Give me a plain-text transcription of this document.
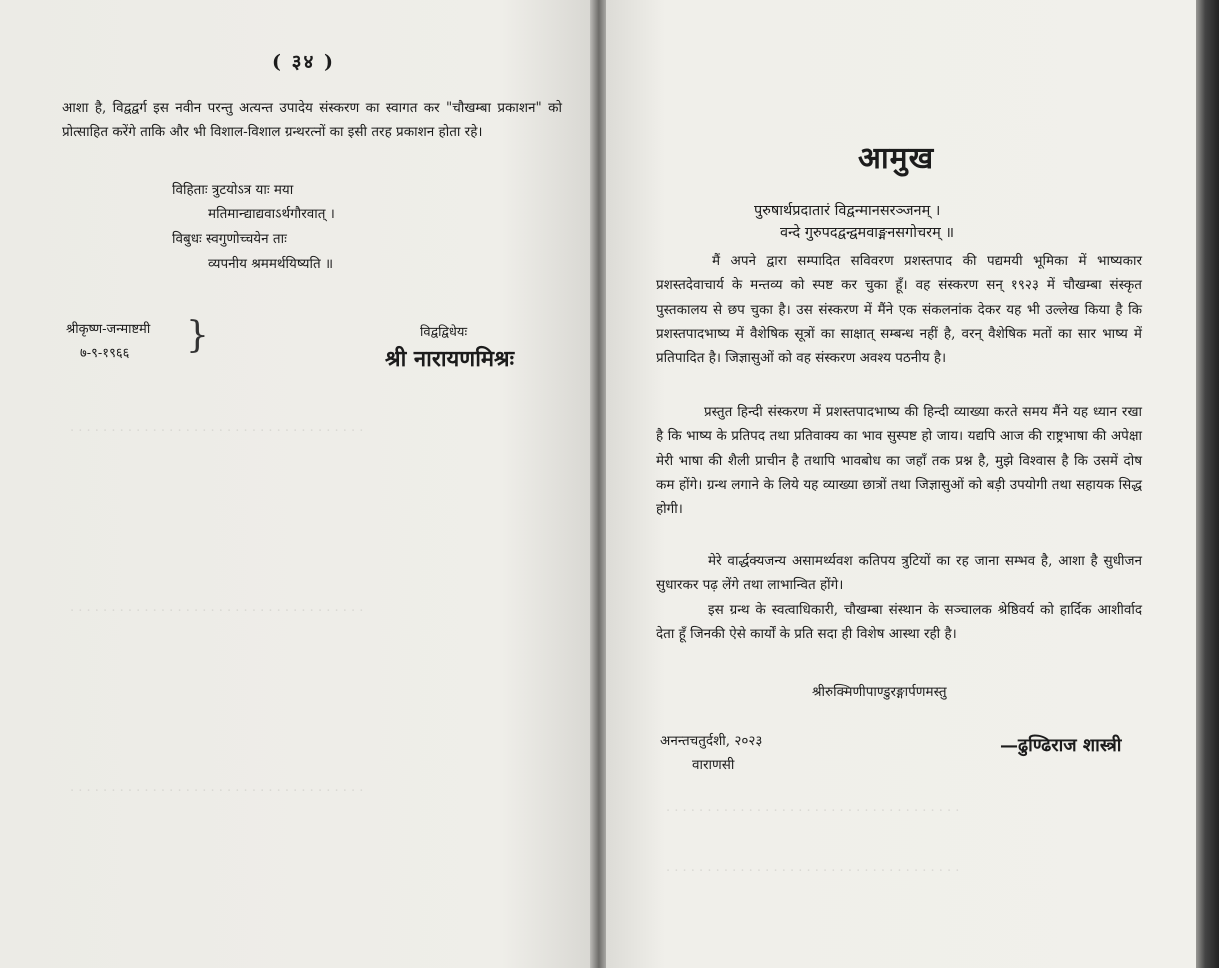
. . . . . . . . . . . . . . . . . . . . . . . . . . . . . . . . . . . .
. . . . . . . . . . . . . . . . . . . . . . . . . . . . . . . . . . . .
. . . . . . . . . . . . . . . . . . . . . . . . . . . . . . . . . . . .
( ३४ )
आशा है, विद्वद्वर्ग इस नवीन परन्तु अत्यन्त उपादेय संस्करण का स्वागत कर "चौखम्बा प्रकाशन" को प्रोत्साहित करेंगे ताकि और भी विशाल-विशाल ग्रन्थरत्नों का इसी तरह प्रकाशन होता रहे।
विहिताः त्रुटयोऽत्र याः मया
मतिमान्द्याद्यवाऽर्थगौरवात् ।
विबुधः स्वगुणोच्चयेन ताः
व्यपनीय श्रममर्थयिष्यति ॥
श्रीकृष्ण-जन्माष्टमी
७-९-१९६६ }	विद्वद्विधेयः
श्री नारायणमिश्रः
. . . . . . . . . . . . . . . . . . . . . . . . . . . . . . . . . . . .
. . . . . . . . . . . . . . . . . . . . . . . . . . . . . . . . . . . .
आमुख
पुरुषार्थप्रदातारं विद्वन्मानसरञ्जनम् ।
वन्दे गुरुपदद्वन्द्वमवाङ्मनसगोचरम् ॥
मैं अपने द्वारा सम्पादित सविवरण प्रशस्तपाद की पद्यमयी भूमिका में भाष्यकार प्रशस्तदेवाचार्य के मन्तव्य को स्पष्ट कर चुका हूँ। वह संस्करण सन् १९२३ में चौखम्बा संस्कृत पुस्तकालय से छप चुका है। उस संस्करण में मैंने एक संकलनांक देकर यह भी उल्लेख किया है कि प्रशस्तपादभाष्य में वैशेषिक सूत्रों का साक्षात् सम्बन्ध नहीं है, वरन् वैशेषिक मतों का सार भाष्य में प्रतिपादित है। जिज्ञासुओं को वह संस्करण अवश्य पठनीय है।
प्रस्तुत हिन्दी संस्करण में प्रशस्तपादभाष्य की हिन्दी व्याख्या करते समय मैंने यह ध्यान रखा है कि भाष्य के प्रतिपद तथा प्रतिवाक्य का भाव सुस्पष्ट हो जाय। यद्यपि आज की राष्ट्रभाषा की अपेक्षा मेरी भाषा की शैली प्राचीन है तथापि भावबोध का जहाँ तक प्रश्न है, मुझे विश्वास है कि उसमें दोष कम होंगे। ग्रन्थ लगाने के लिये यह व्याख्या छात्रों तथा जिज्ञासुओं को बड़ी उपयोगी तथा सहायक सिद्ध होगी।
मेरे वार्द्धक्यजन्य असामर्थ्यवश कतिपय त्रुटियों का रह जाना सम्भव है, आशा है सुधीजन सुधारकर पढ़ लेंगे तथा लाभान्वित होंगे।
इस ग्रन्थ के स्वत्वाधिकारी, चौखम्बा संस्थान के सञ्चालक श्रेष्ठिवर्य को हार्दिक आशीर्वाद देता हूँ जिनकी ऐसे कार्यों के प्रति सदा ही विशेष आस्था रही है।
श्रीरुक्मिणीपाण्डुरङ्गार्पणमस्तु
अनन्तचतुर्दशी, २०२३
वाराणसी
—ढुण्ढिराज शास्त्री
